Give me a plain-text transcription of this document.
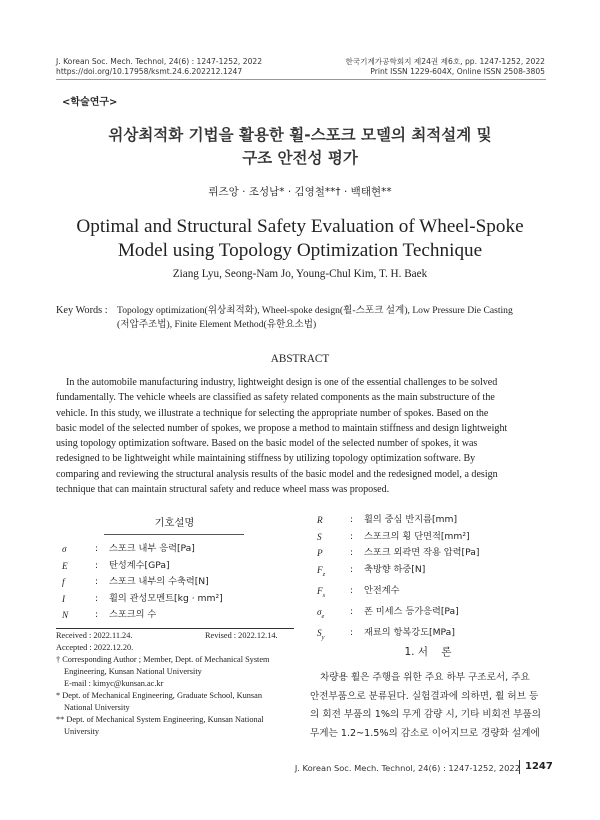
J. Korean Soc. Mech. Technol, 24(6) : 1247-1252, 2022
https://doi.org/10.17958/ksmt.24.6.202212.1247
한국기계가공학회지 제24권 제6호, pp. 1247-1252, 2022
Print ISSN 1229-604X, Online ISSN 2508-3805
<학술연구>
위상최적화 기법을 활용한 휠-스포크 모델의 최적설계 및
구조 안전성 평가
뤼즈앙 · 조성남* · 김영철**† · 백태현**
Optimal and Structural Safety Evaluation of Wheel-Spoke
Model using Topology Optimization Technique
Ziang Lyu, Seong-Nam Jo, Young-Chul Kim, T. H. Baek
Key Words : Topology optimization(위상최적화), Wheel-spoke design(휠-스포크 설계), Low Pressure Die Casting
(저압주조법), Finite Element Method(유한요소법)
ABSTRACT
In the automobile manufacturing industry, lightweight design is one of the essential challenges to be solved
fundamentally. The vehicle wheels are classified as safety related components as the main substructure of the
vehicle. In this study, we illustrate a technique for selecting the appropriate number of spokes. Based on the
basic model of the selected number of spokes, we propose a method to maintain stiffness and design lightweight
using topology optimization software. Based on the basic model of the selected number of spokes, it was
redesigned to be lightweight while maintaining stiffness by utilizing topology optimization software. By
comparing and reviewing the structural analysis results of the basic model and the redesigned model, a design
technique that can maintain structural safety and reduce wheel mass was proposed.
기호설명
σ	:	스포크 내부 응력[Pa]
E	:	탄성계수[GPa]
f	:	스포크 내부의 수축력[N]
I	:	휠의 관성모멘트[kg · mm²]
N	:	스포크의 수
R	:	휠의 중심 반지름[mm]
S	:	스포크의 횡 단면적[mm²]
P	:	스포크 외곽면 작용 압력[Pa]
$F_z$	:	축방향 하중[N]
$F_s$	:	안전계수
$\sigma_e$	:	폰 미세스 등가응력[Pa]
$S_y$	:	재료의 항복강도[MPa]
Received : 2022.11.24.	Revised : 2022.12.14.
Accepted : 2022.12.20.
† Corresponding Author ; Member, Dept. of Mechanical System
Engineering, Kunsan National University
E-mail : kimyc@kunsan.ac.kr
* Dept. of Mechanical Engineering, Graduate School, Kunsan
National University
** Dept. of Mechanical System Engineering, Kunsan National
University
1. 서    론
차량용 휠은 주행을 위한 주요 하부 구조로서, 주요
안전부품으로 분류된다. 실험결과에 의하면, 휠 허브 등
의 회전 부품의 1%의 무게 감량 시, 기타 비회전 부품의
무게는 1.2~1.5%의 감소로 이어지므로 경량화 설계에
J. Korean Soc. Mech. Technol, 24(6) : 1247-1252, 2022 1247
